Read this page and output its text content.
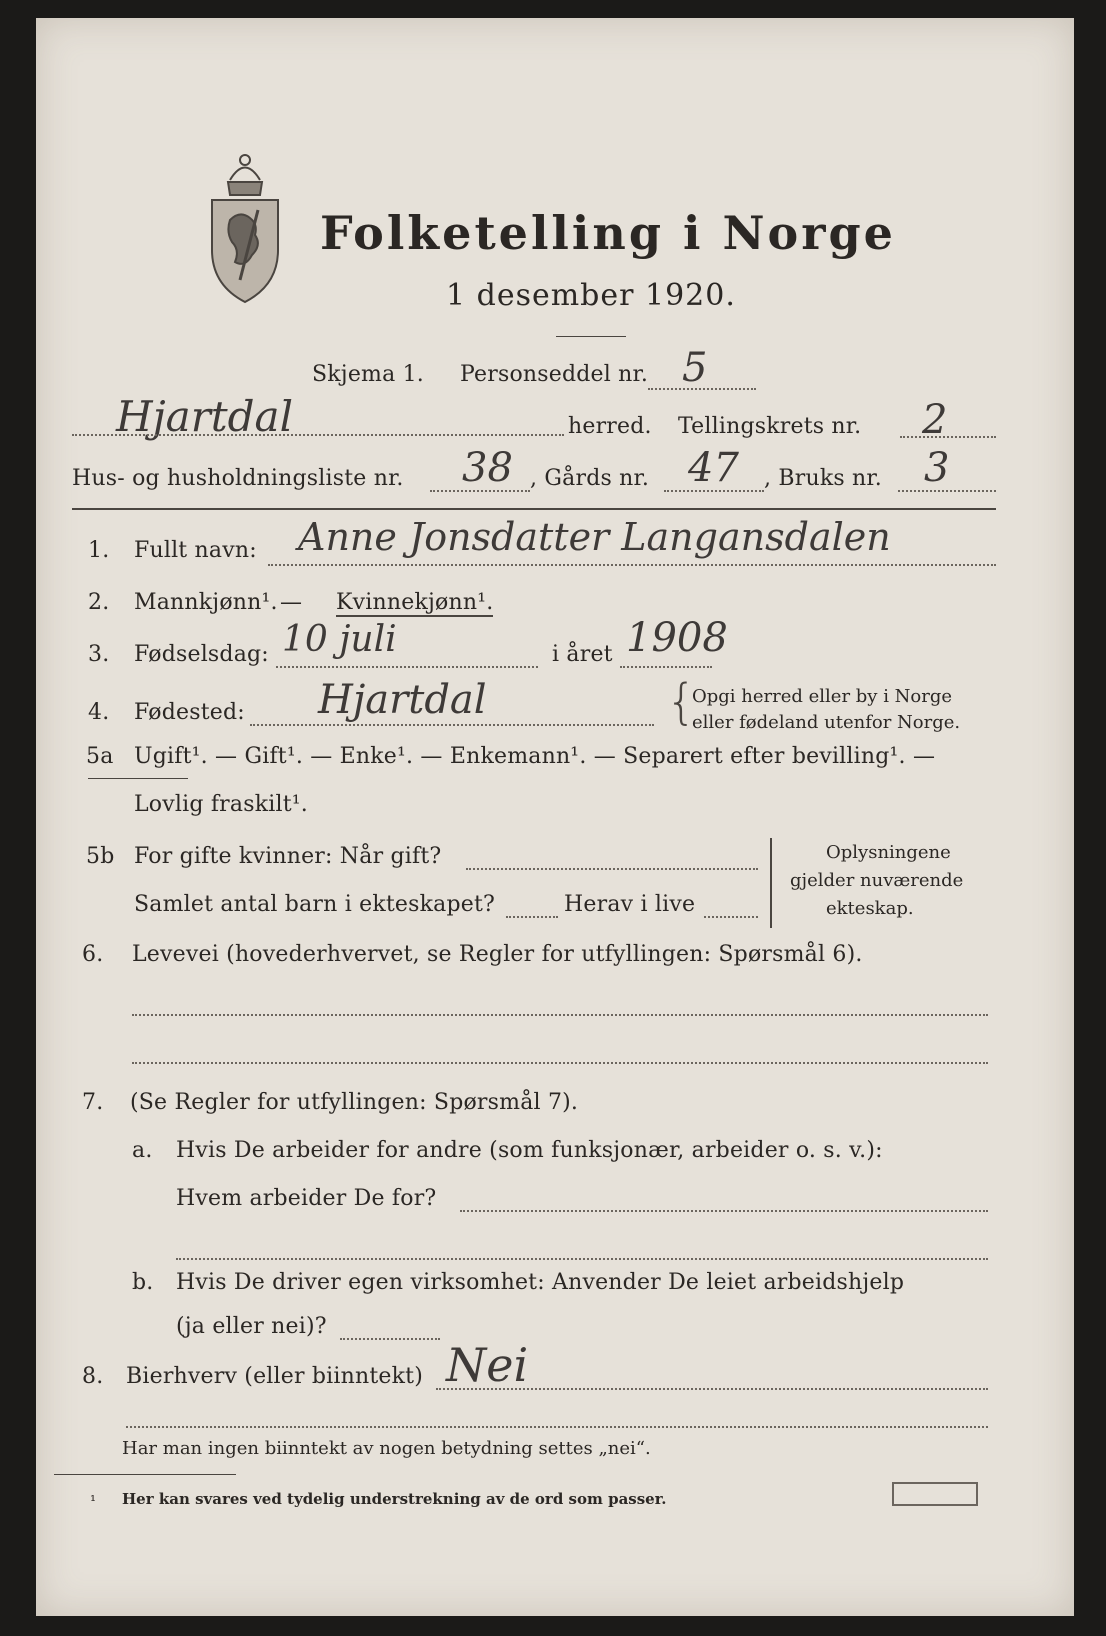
Folketelling i Norge
1 desember 1920.
Skjema 1. Personseddel nr. 5
Hjartdal	herred. Tellingskrets nr. 2
Hus- og husholdningsliste nr. 38 , Gårds nr. 47 , Bruks nr. 3
1. Fullt navn: Anne Jonsdatter Langansdalen
2. Mannkjønn¹. — Kvinnekjønn¹.
3. Fødselsdag: 10 juli	i året 1908
4. Fødested: Hjartdal	{
Opgi herred eller by i Norge
eller fødeland utenfor Norge.
5a Ugift¹. — Gift¹. — Enke¹. — Enkemann¹. — Separert efter bevilling¹. —
Lovlig fraskilt¹.
5b For gifte kvinner: Når gift?
Samlet antal barn i ekteskapet?	Herav i live
Oplysningene
gjelder nuværende
ekteskap.
6. Levevei (hovederhvervet, se Regler for utfyllingen: Spørsmål 6).
7. (Se Regler for utfyllingen: Spørsmål 7).
a. Hvis De arbeider for andre (som funksjonær, arbeider o. s. v.):
Hvem arbeider De for?
b. Hvis De driver egen virksomhet: Anvender De leiet arbeidshjelp
(ja eller nei)?
8. Bierhverv (eller biinntekt) Nei
Har man ingen biinntekt av nogen betydning settes „nei“.
¹ Her kan svares ved tydelig understrekning av de ord som passer.
